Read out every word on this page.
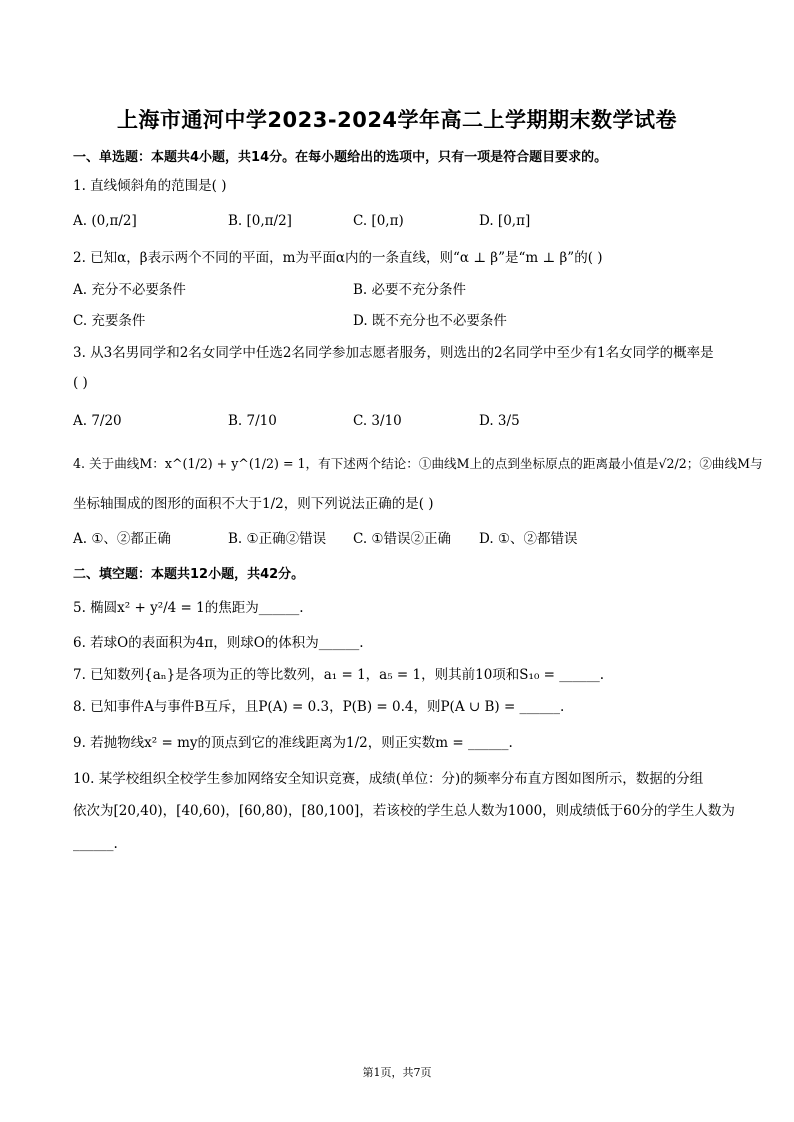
上海市通河中学2023-2024学年高二上学期期末数学试卷
一、单选题：本题共4小题，共14分。在每小题给出的选项中，只有一项是符合题目要求的。
1. 直线倾斜角的范围是( )
A. (0,π/2]	B. [0,π/2]	C. [0,π)	D. [0,π]
2. 已知α，β表示两个不同的平面，m为平面α内的一条直线，则“α ⊥ β”是“m ⊥ β”的( )
A. 充分不必要条件	B. 必要不充分条件
C. 充要条件	D. 既不充分也不必要条件
3. 从3名男同学和2名女同学中任选2名同学参加志愿者服务，则选出的2名同学中至少有1名女同学的概率是
( )
A. 7/20	B. 7/10	C. 3/10	D. 3/5
4. 关于曲线M：x^(1/2) + y^(1/2) = 1，有下述两个结论：①曲线M上的点到坐标原点的距离最小值是√2/2；②曲线M与
坐标轴围成的图形的面积不大于1/2，则下列说法正确的是( )
A. ①、②都正确	B. ①正确②错误 C. ①错误②正确 D. ①、②都错误
二、填空题：本题共12小题，共42分。
5. 椭圆x² + y²/4 = 1的焦距为______.
6. 若球O的表面积为4π，则球O的体积为______.
7. 已知数列{aₙ}是各项为正的等比数列，a₁ = 1，a₅ = 1，则其前10项和S₁₀ = ______.
8. 已知事件A与事件B互斥，且P(A) = 0.3，P(B) = 0.4，则P(A ∪ B) = ______.
9. 若抛物线x² = my的顶点到它的准线距离为1/2，则正实数m = ______.
10. 某学校组织全校学生参加网络安全知识竞赛，成绩(单位：分)的频率分布直方图如图所示，数据的分组
依次为[20,40)，[40,60)，[60,80)，[80,100]，若该校的学生总人数为1000，则成绩低于60分的学生人数为
______.
第1页，共7页
